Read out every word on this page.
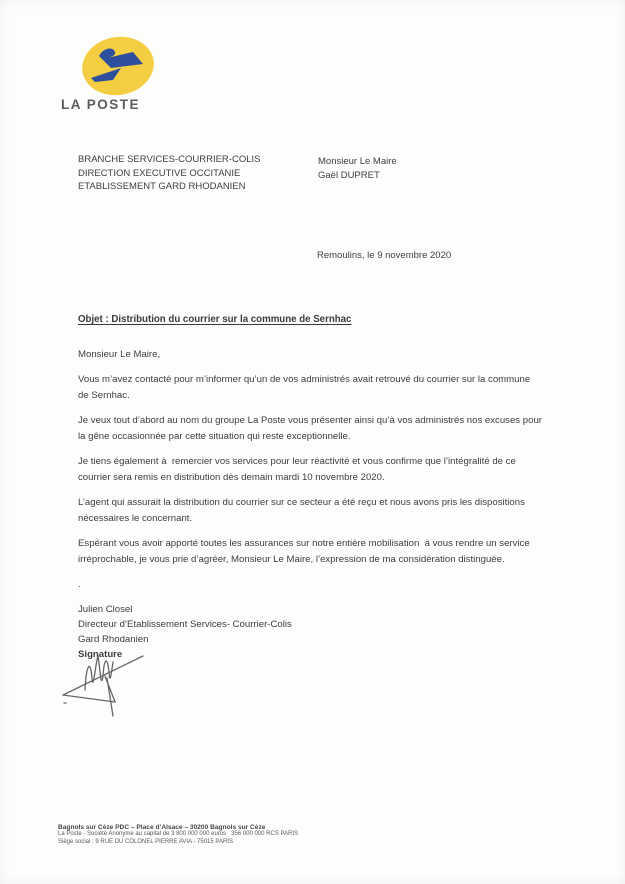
LA POSTE
BRANCHE SERVICES-COURRIER-COLIS
DIRECTION EXECUTIVE OCCITANIE
ETABLISSEMENT GARD RHODANIEN
Monsieur Le Maire
Gaël DUPRET
Remoulins, le 9 novembre 2020
Objet : Distribution du courrier sur la commune de Sernhac
Monsieur Le Maire,
Vous m’avez contacté pour m’informer qu’un de vos administrés avait retrouvé du courrier sur la commune
de Sernhac.
Je veux tout d’abord au nom du groupe La Poste vous présenter ainsi qu’à vos administrés nos excuses pour
la gêne occasionnée par cette situation qui reste exceptionnelle.
Je tiens également à  remercier vos services pour leur réactivité et vous confirme que l’intégralité de ce
courrier sera remis en distribution dès demain mardi 10 novembre 2020.
L’agent qui assurait la distribution du courrier sur ce secteur a été reçu et nous avons pris les dispositions
nécessaires le concernant.
Espérant vous avoir apporté toutes les assurances sur notre entière mobilisation  à vous rendre un service
irréprochable, je vous prie d’agréer, Monsieur Le Maire, l’expression de ma considération distinguée.
.
Julien Closel
Directeur d’Etablissement Services- Courrier-Colis
Gard Rhodanien
Signature
Bagnols sur Cèze PDC – Place d’Alsace – 30200 Bagnols sur Cèze
La Poste - Société Anonyme au capital de 3 800 000 000 euros   356 000 000 RCS PARIS
Siège social : 9 RUE DU COLONEL PIERRE AVIA - 75015 PARIS
